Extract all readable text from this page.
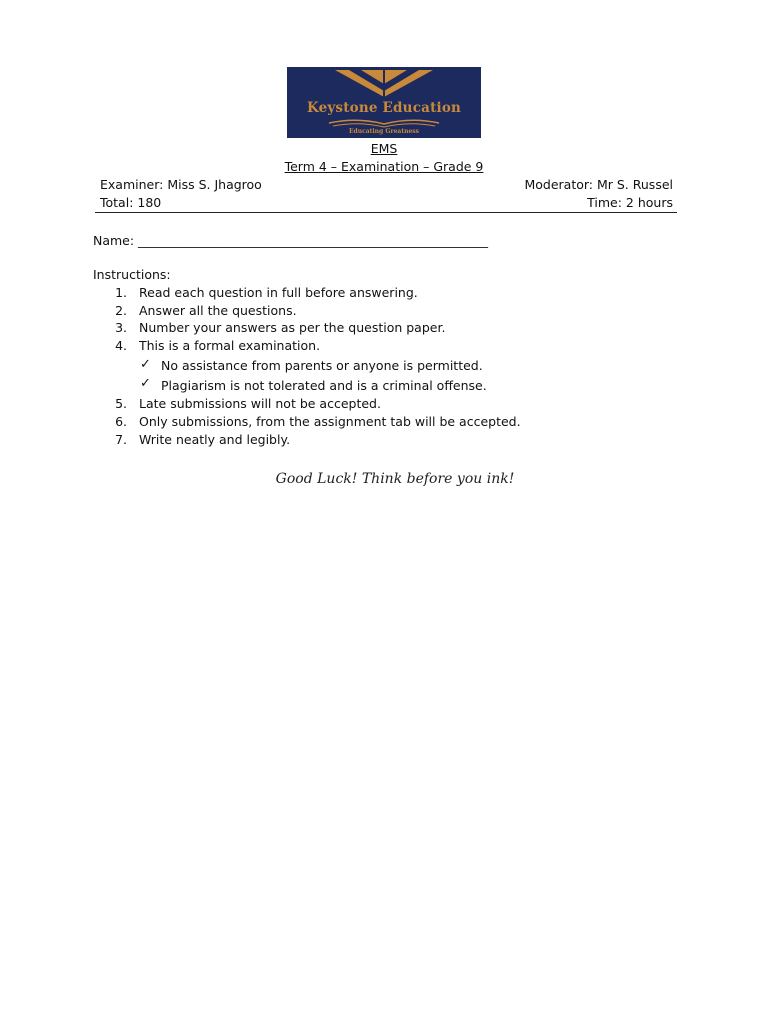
Keystone Education
Educating Greatness
EMS
Term 4 – Examination – Grade 9
Examiner: Miss S. Jhagroo	Moderator: Mr S. Russel
Total: 180	Time: 2 hours
Name: ________________________________________________________
Instructions:
1. Read each question in full before answering.
2. Answer all the questions.
3. Number your answers as per the question paper.
4. This is a formal examination.
✓ No assistance from parents or anyone is permitted.
✓ Plagiarism is not tolerated and is a criminal offense.
5. Late submissions will not be accepted.
6. Only submissions, from the assignment tab will be accepted.
7. Write neatly and legibly.
Good Luck! Think before you ink!
